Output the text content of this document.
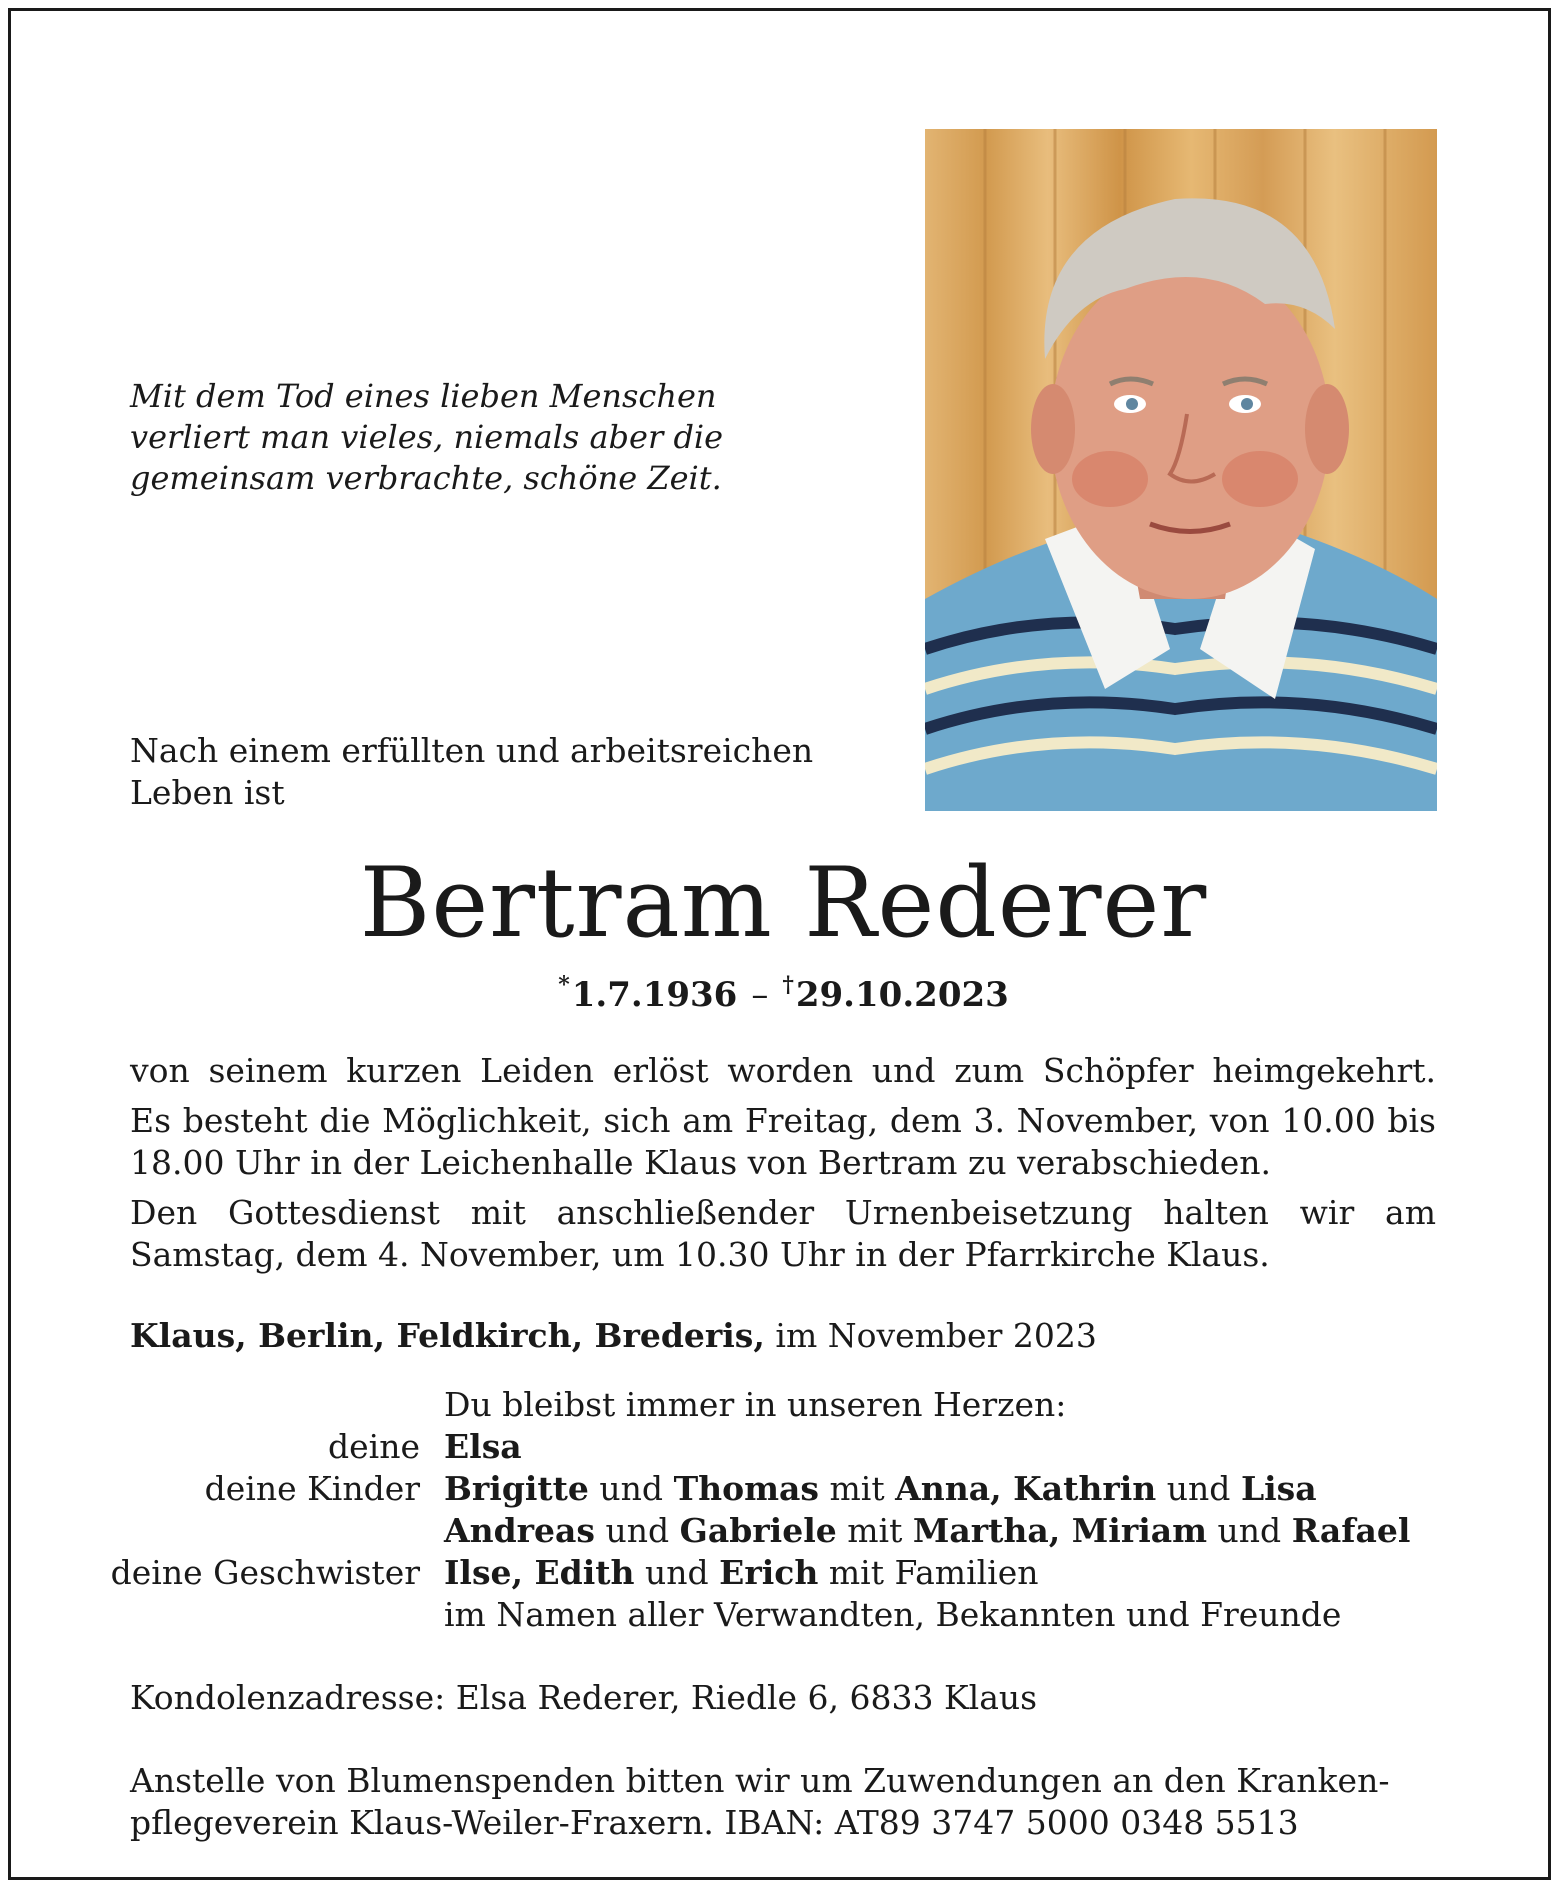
Mit dem Tod eines lieben Menschen
verliert man vieles, niemals aber die
gemeinsam verbrachte, schöne Zeit.
Nach einem erfüllten und arbeitsreichen
Leben ist
Bertram Rederer
*1.7.1936 – †29.10.2023
von seinem kurzen Leiden erlöst worden und zum Schöpfer heimgekehrt.
Es besteht die Möglichkeit, sich am Freitag, dem 3. November, von 10.00 bis
18.00 Uhr in der Leichenhalle Klaus von Bertram zu verabschieden.
Den Gottesdienst mit anschließender Urnenbeisetzung halten wir am
Samstag, dem 4. November, um 10.30 Uhr in der Pfarrkirche Klaus.
Klaus, Berlin, Feldkirch, Brederis, im November 2023
Du bleibst immer in unseren Herzen:
deine Elsa
deine Kinder Brigitte und Thomas mit Anna, Kathrin und Lisa
Andreas und Gabriele mit Martha, Miriam und Rafael
deine Geschwister Ilse, Edith und Erich mit Familien
im Namen aller Verwandten, Bekannten und Freunde
Kondolenzadresse: Elsa Rederer, Riedle 6, 6833 Klaus
Anstelle von Blumenspenden bitten wir um Zuwendungen an den Kranken-
pflegeverein Klaus-Weiler-Fraxern. IBAN: AT89 3747 5000 0348 5513
